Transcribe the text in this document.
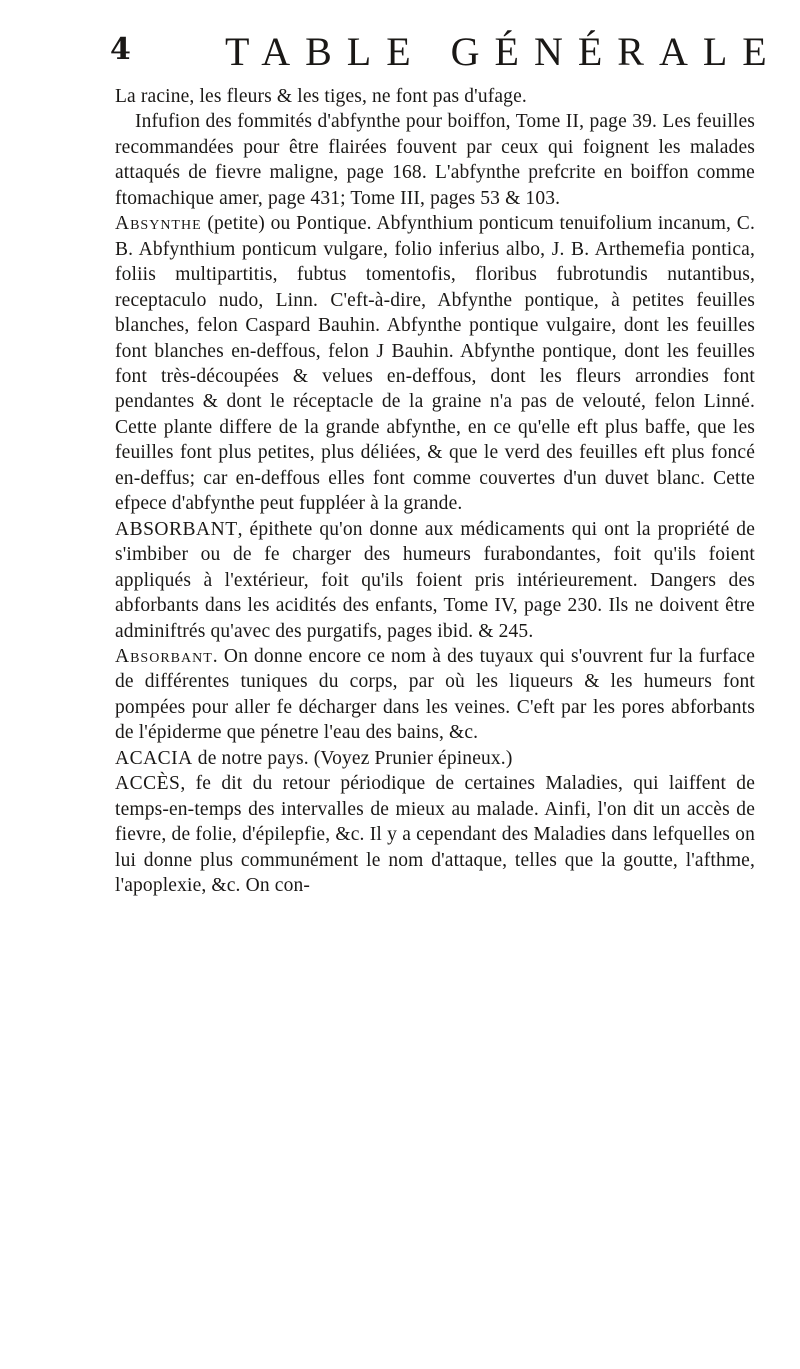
4 TABLE GÉNÉRALE

La racine, les fleurs & les tiges, ne font pas d'ufage.

Infufion des fommités d'abfynthe pour boiffon, Tome II, page 39. Les feuilles recommandées pour être flairées fouvent par ceux qui foignent les malades attaqués de fievre maligne, page 168. L'abfynthe prefcrite en boiffon comme ftomachique amer, page 431; Tome III, pages 53 & 103.

Absynthe (petite) ou Pontique. Abfynthium ponticum tenuifolium incanum, C. B. Abfynthium ponticum vulgare, folio inferius albo, J. B. Arthemefia pontica, foliis multipartitis, fubtus tomentofis, floribus fubrotundis nutantibus, receptaculo nudo, Linn. C'eft-à-dire, Abfynthe pontique, à petites feuilles blanches, felon Caspard Bauhin. Abfynthe pontique vulgaire, dont les feuilles font blanches en-deffous, felon J Bauhin. Abfynthe pontique, dont les feuilles font très-découpées & velues en-deffous, dont les fleurs arrondies font pendantes & dont le réceptacle de la graine n'a pas de velouté, felon Linné. Cette plante differe de la grande abfynthe, en ce qu'elle eft plus baffe, que les feuilles font plus petites, plus déliées, & que le verd des feuilles eft plus foncé en-deffus; car en-deffous elles font comme couvertes d'un duvet blanc. Cette efpece d'abfynthe peut fuppléer à la grande.

ABSORBANT, épithete qu'on donne aux médicaments qui ont la propriété de s'imbiber ou de fe charger des humeurs furabondantes, foit qu'ils foient appliqués à l'extérieur, foit qu'ils foient pris intérieurement. Dangers des abforbants dans les acidités des enfants, Tome IV, page 230. Ils ne doivent être adminiftrés qu'avec des purgatifs, pages ibid. & 245.

Absorbant. On donne encore ce nom à des tuyaux qui s'ouvrent fur la furface de différentes tuniques du corps, par où les liqueurs & les humeurs font pompées pour aller fe décharger dans les veines. C'eft par les pores abforbants de l'épiderme que pénetre l'eau des bains, &c.

ACACIA de notre pays. (Voyez Prunier épineux.)

ACCÈS, fe dit du retour périodique de certaines Maladies, qui laiffent de temps-en-temps des intervalles de mieux au malade. Ainfi, l'on dit un accès de fievre, de folie, d'épilepfie, &c. Il y a cependant des Maladies dans lefquelles on lui donne plus communément le nom d'attaque, telles que la goutte, l'afthme, l'apoplexie, &c. On con-
